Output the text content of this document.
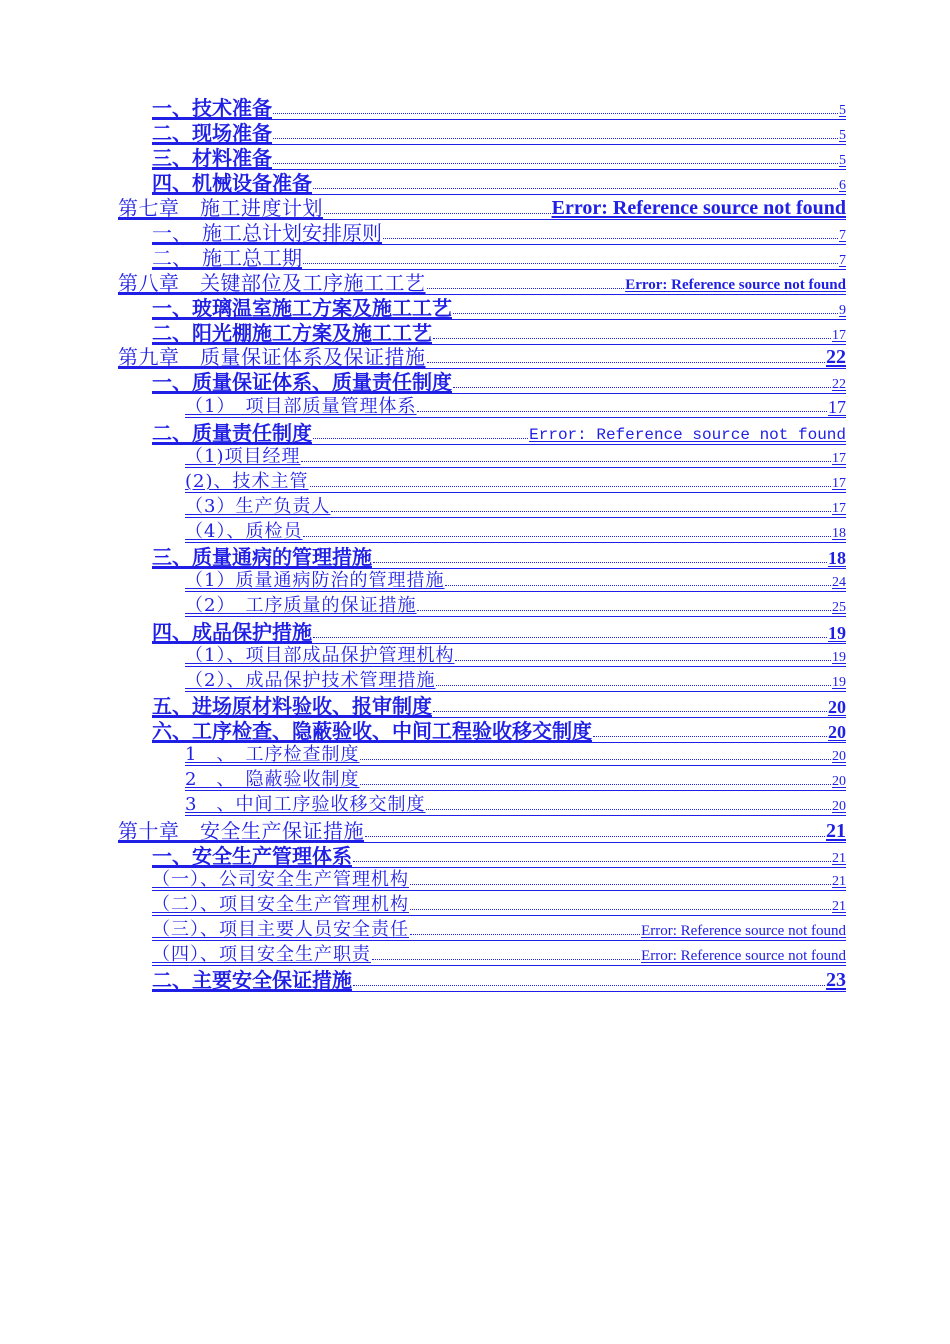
一、技术准备	5
二、现场准备	5
三、材料准备	5
四、机械设备准备	6
第七章　施工进度计划	Error: Reference source not found
一、　施工总计划安排原则	7
二、　施工总工期	7
第八章　关键部位及工序施工工艺	Error: Reference source not found
一、玻璃温室施工方案及施工工艺	9
二、阳光棚施工方案及施工工艺	17
第九章　质量保证体系及保证措施	22
一、质量保证体系、质量责任制度	22
（1）　项目部质量管理体系	17
二、质量责任制度	Error: Reference source not found
（1)项目经理	17
(2)、技术主管	17
（3）生产负责人	17
（4）、质检员	18
三、质量通病的管理措施	18
（1）质量通病防治的管理措施	24
（2）　工序质量的保证措施	25
四、成品保护措施	19
（1）、项目部成品保护管理机构	19
（2）、成品保护技术管理措施	19
五、进场原材料验收、报审制度	20
六、工序检查、隐蔽验收、中间工程验收移交制度	20
1　、　工序检查制度	20
2　、　隐蔽验收制度	20
3　、中间工序验收移交制度	20
第十章　安全生产保证措施	21
一、安全生产管理体系	21
（一）、公司安全生产管理机构	21
（二）、项目安全生产管理机构	21
（三）、项目主要人员安全责任	Error: Reference source not found
（四）、项目安全生产职责	Error: Reference source not found
二、主要安全保证措施	23
